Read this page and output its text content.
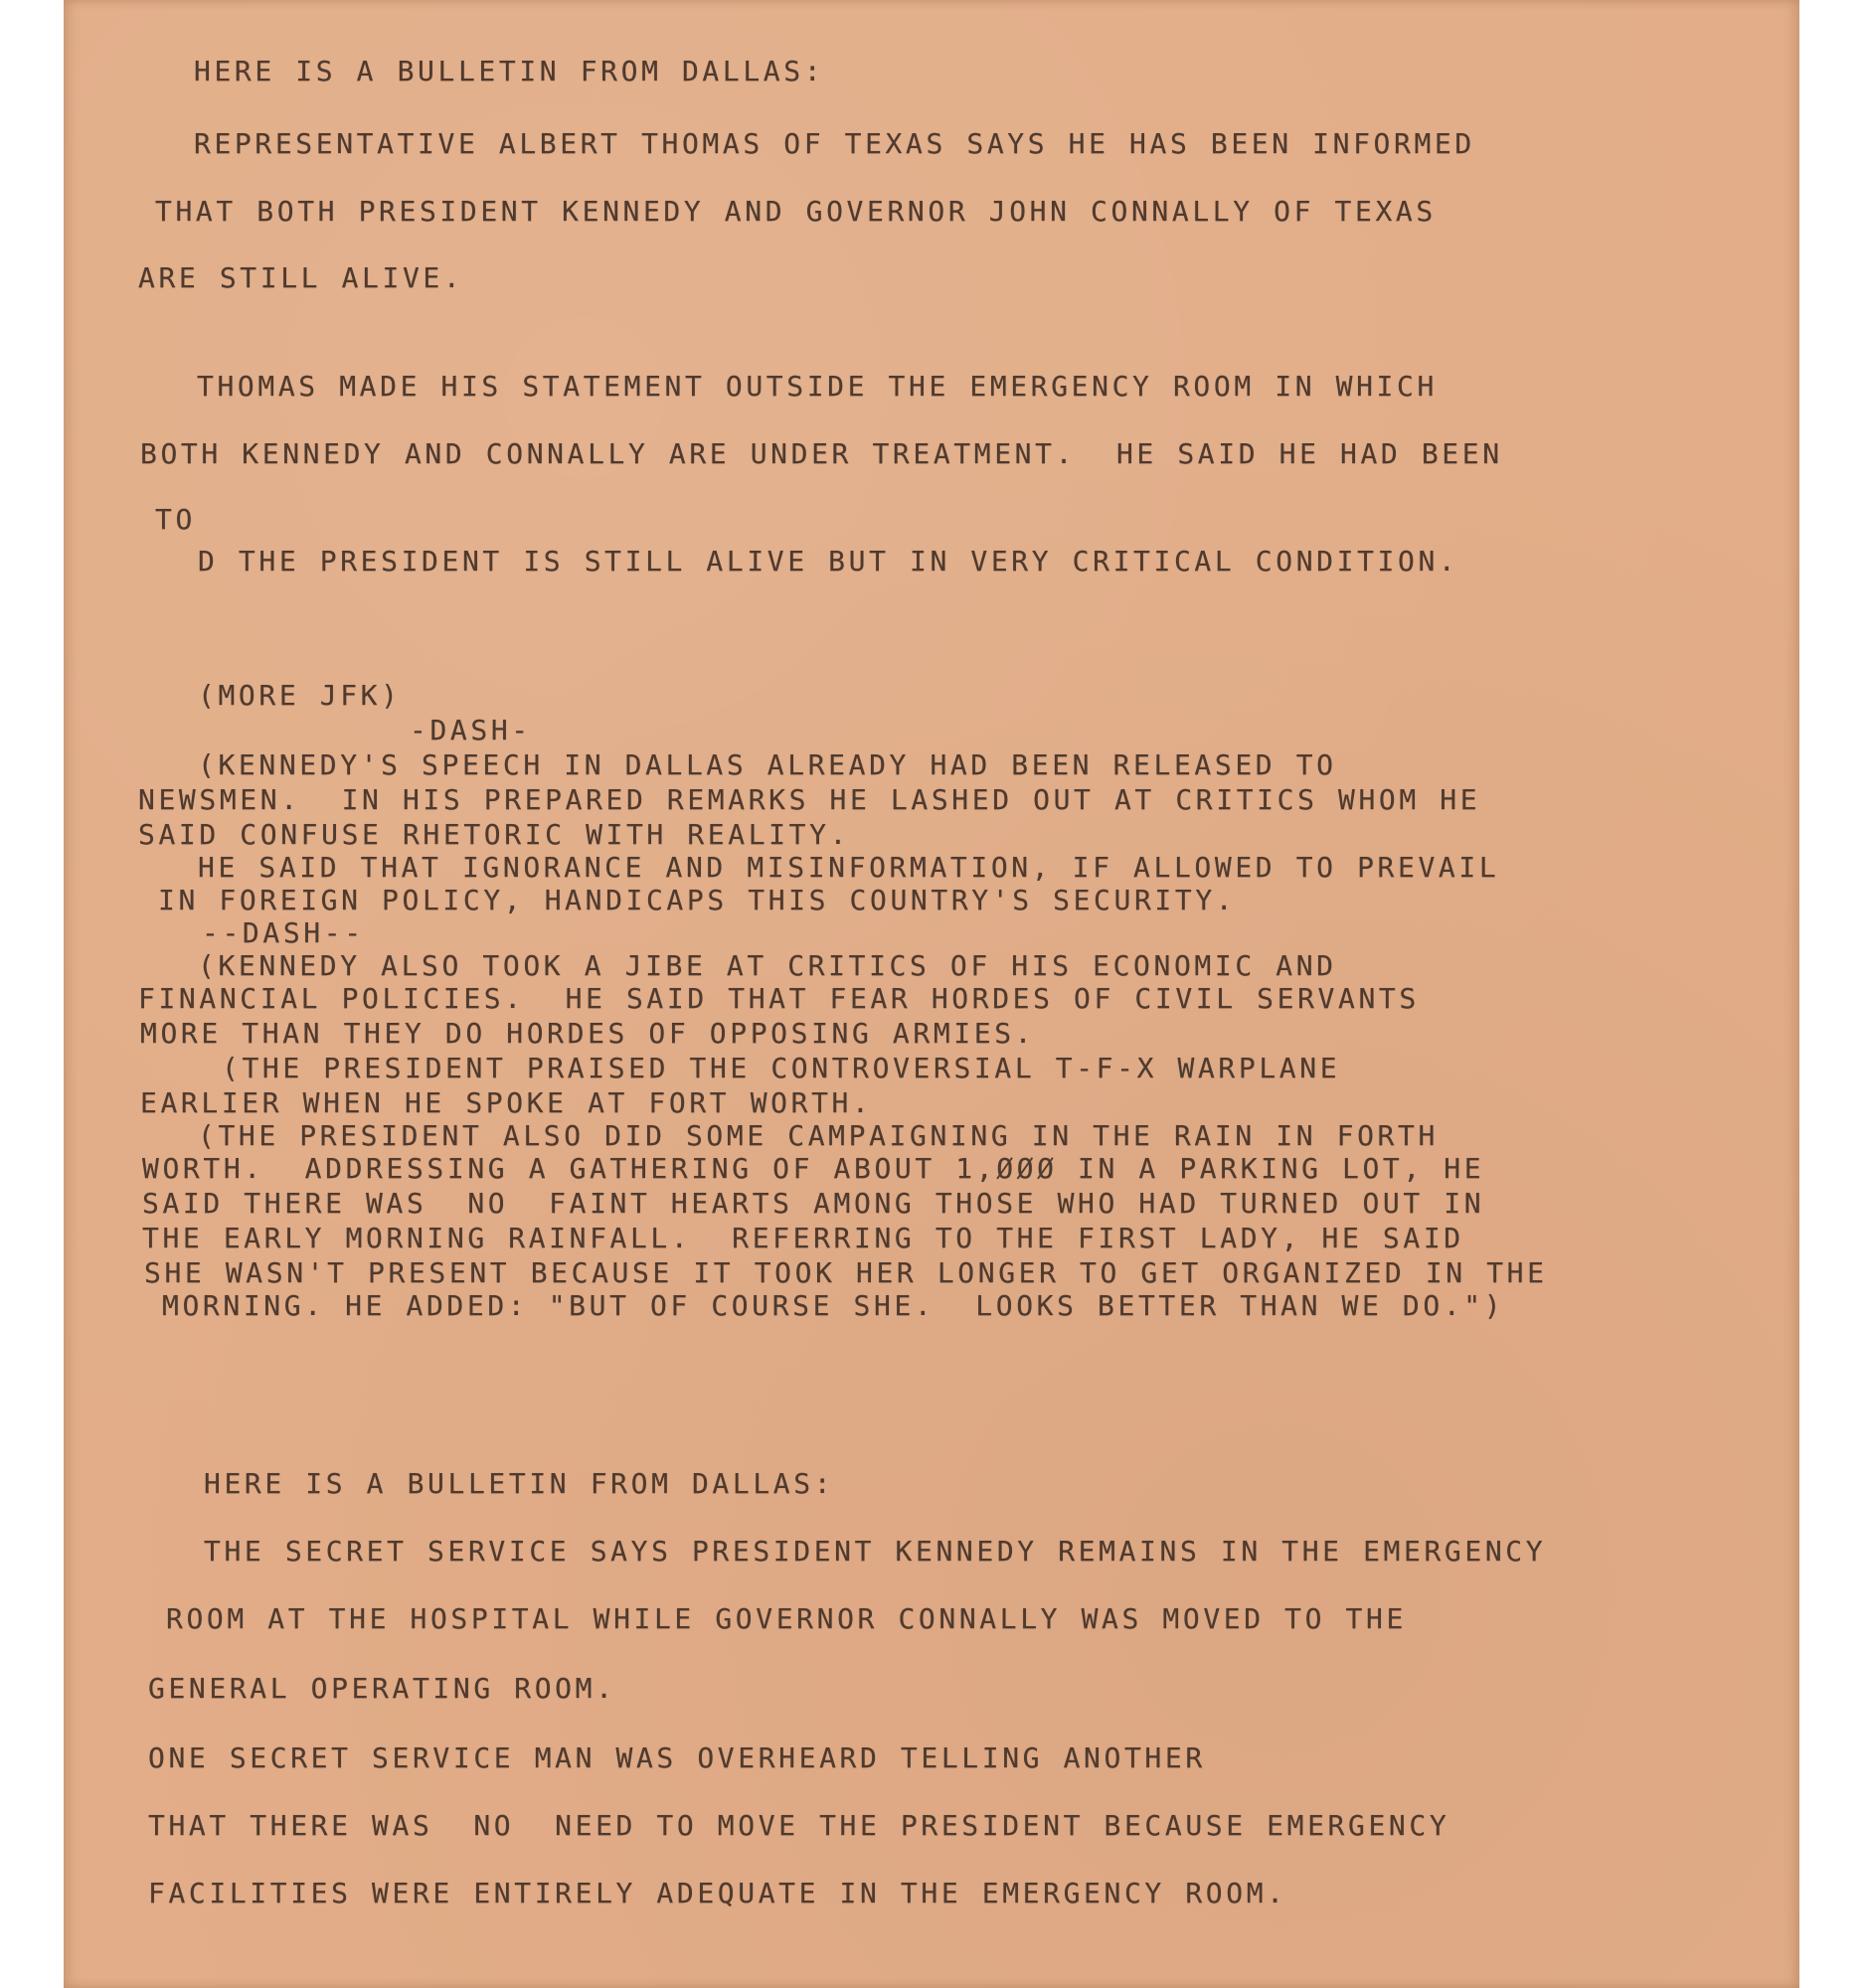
HERE IS A BULLETIN FROM DALLAS:

REPRESENTATIVE ALBERT THOMAS OF TEXAS SAYS HE HAS BEEN INFORMED

THAT BOTH PRESIDENT KENNEDY AND GOVERNOR JOHN CONNALLY OF TEXAS

ARE STILL ALIVE.

THOMAS MADE HIS STATEMENT OUTSIDE THE EMERGENCY ROOM IN WHICH

BOTH KENNEDY AND CONNALLY ARE UNDER TREATMENT.  HE SAID HE HAD BEEN

TO

D THE PRESIDENT IS STILL ALIVE BUT IN VERY CRITICAL CONDITION.

(MORE JFK)

-DASH-

(KENNEDY'S SPEECH IN DALLAS ALREADY HAD BEEN RELEASED TO

NEWSMEN.  IN HIS PREPARED REMARKS HE LASHED OUT AT CRITICS WHOM HE

SAID CONFUSE RHETORIC WITH REALITY.

HE SAID THAT IGNORANCE AND MISINFORMATION, IF ALLOWED TO PREVAIL

IN FOREIGN POLICY, HANDICAPS THIS COUNTRY'S SECURITY.

--DASH--

(KENNEDY ALSO TOOK A JIBE AT CRITICS OF HIS ECONOMIC AND

FINANCIAL POLICIES.  HE SAID THAT FEAR HORDES OF CIVIL SERVANTS

MORE THAN THEY DO HORDES OF OPPOSING ARMIES.

(THE PRESIDENT PRAISED THE CONTROVERSIAL T-F-X WARPLANE

EARLIER WHEN HE SPOKE AT FORT WORTH.

(THE PRESIDENT ALSO DID SOME CAMPAIGNING IN THE RAIN IN FORTH

WORTH.  ADDRESSING A GATHERING OF ABOUT 1,ØØØ IN A PARKING LOT, HE

SAID THERE WAS  NO  FAINT HEARTS AMONG THOSE WHO HAD TURNED OUT IN

THE EARLY MORNING RAINFALL.  REFERRING TO THE FIRST LADY, HE SAID

SHE WASN'T PRESENT BECAUSE IT TOOK HER LONGER TO GET ORGANIZED IN THE

MORNING. HE ADDED: "BUT OF COURSE SHE.  LOOKS BETTER THAN WE DO.")

HERE IS A BULLETIN FROM DALLAS:

THE SECRET SERVICE SAYS PRESIDENT KENNEDY REMAINS IN THE EMERGENCY

ROOM AT THE HOSPITAL WHILE GOVERNOR CONNALLY WAS MOVED TO THE

GENERAL OPERATING ROOM.

ONE SECRET SERVICE MAN WAS OVERHEARD TELLING ANOTHER

THAT THERE WAS  NO  NEED TO MOVE THE PRESIDENT BECAUSE EMERGENCY

FACILITIES WERE ENTIRELY ADEQUATE IN THE EMERGENCY ROOM.
